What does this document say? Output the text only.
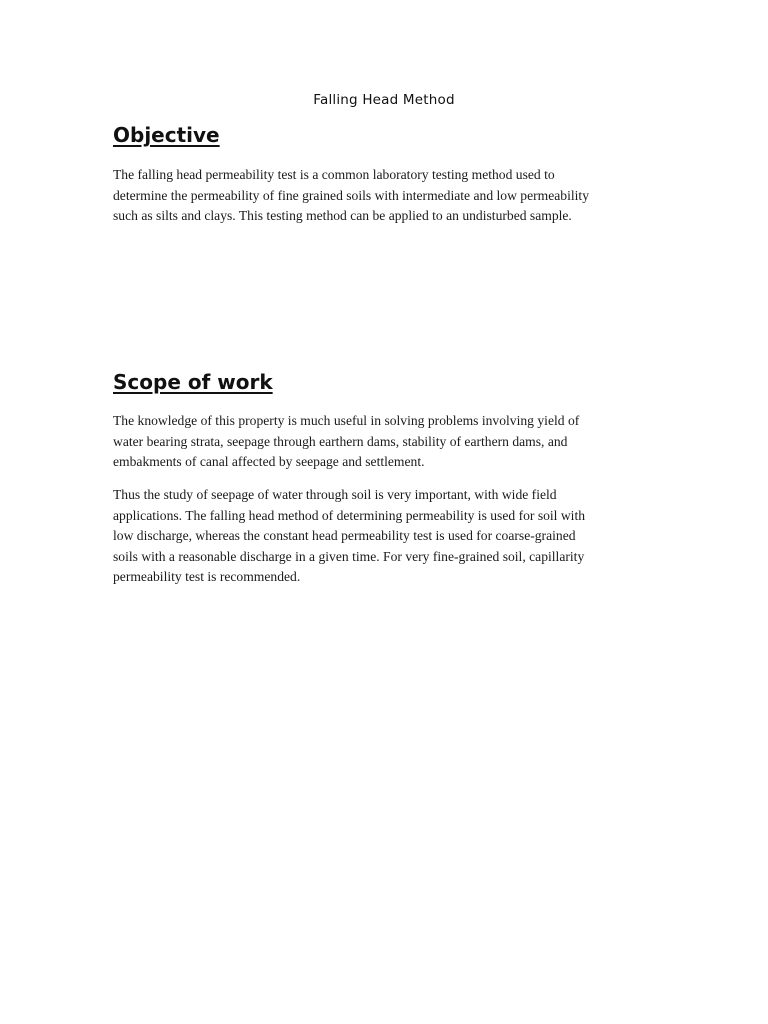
Falling Head Method
Objective

The falling head permeability test is a common laboratory testing method used to
determine the permeability of fine grained soils with intermediate and low permeability
such as silts and clays. This testing method can be applied to an undisturbed sample.

Scope of work

The knowledge of this property is much useful in solving problems involving yield of
water bearing strata, seepage through earthern dams, stability of earthern dams, and
embakments of canal affected by seepage and settlement.

Thus the study of seepage of water through soil is very important, with wide field
applications. The falling head method of determining permeability is used for soil with
low discharge, whereas the constant head permeability test is used for coarse-grained
soils with a reasonable discharge in a given time. For very fine-grained soil, capillarity
permeability test is recommended.
